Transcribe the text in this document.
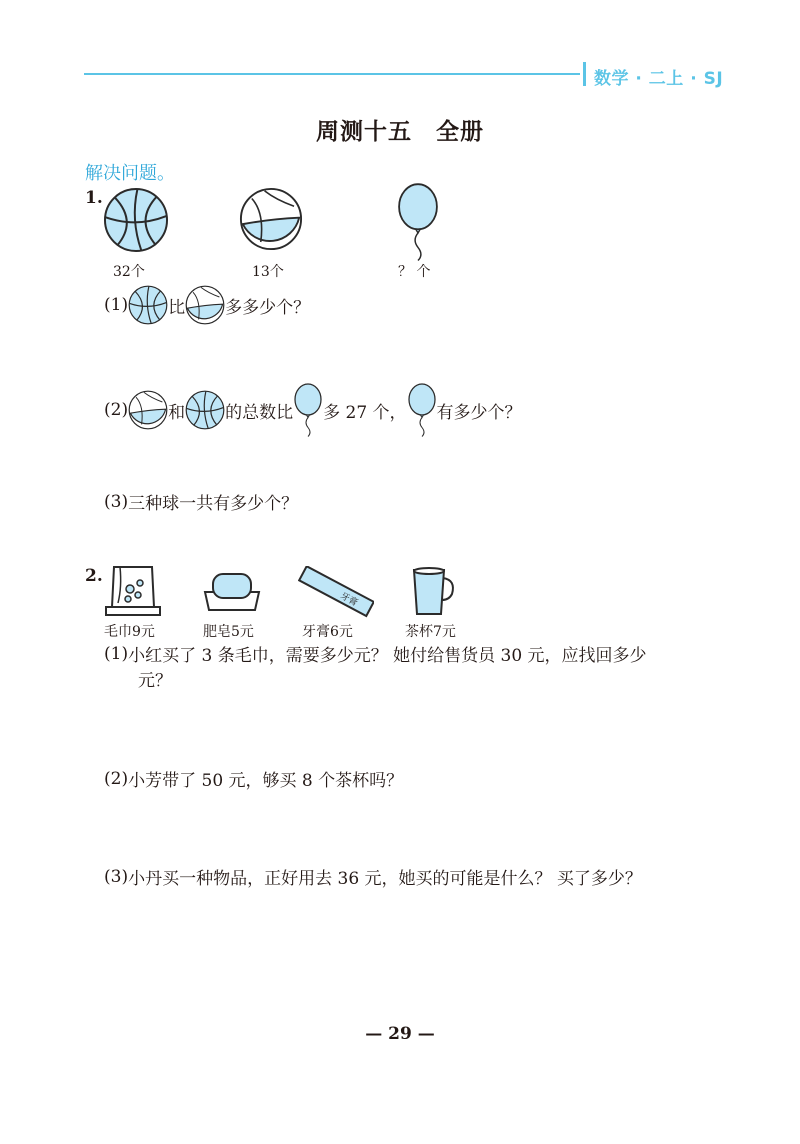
数学 · 二上 · SJ
周测十五　全册
解决问题。
1.
32个	13个	？ 个
(1) 比 多多少个？
(2) 和 的总数比 多 27 个， 有多少个？
(3) 三种球一共有多少个？
2.
毛巾9元	肥皂5元
牙膏
牙膏6元	茶杯7元
(1) 小红买了 3 条毛巾，需要多少元？ 她付给售货员 30 元，应找回多少
元？
(2) 小芳带了 50 元，够买 8 个茶杯吗？
(3) 小丹买一种物品，正好用去 36 元，她买的可能是什么？ 买了多少？
— 29 —
